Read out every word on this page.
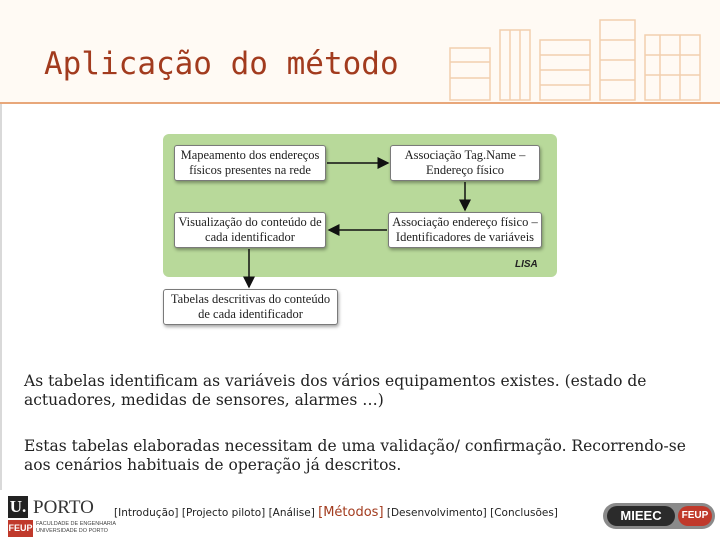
Aplicação do método
Mapeamento dos endereços físicos presentes na rede
Associação Tag.Name – Endereço físico
Visualização do conteúdo de cada identificador
Associação endereço físico – Identificadores de variáveis
Tabelas descritivas do conteúdo de cada identificador
LISA
As tabelas identificam as variáveis dos vários equipamentos existes. (estado de actuadores, medidas de sensores, alarmes …)
Estas tabelas elaboradas necessitam de uma validação/ confirmação. Recorrendo-se aos cenários habituais de operação já descritos.
U. PORTO
FEUP FACULDADE DE ENGENHARIA
UNIVERSIDADE DO PORTO
[Introdução] [Projecto piloto] [Análise] [Métodos] [Desenvolvimento] [Conclusões]	MIEEC	FEUP
